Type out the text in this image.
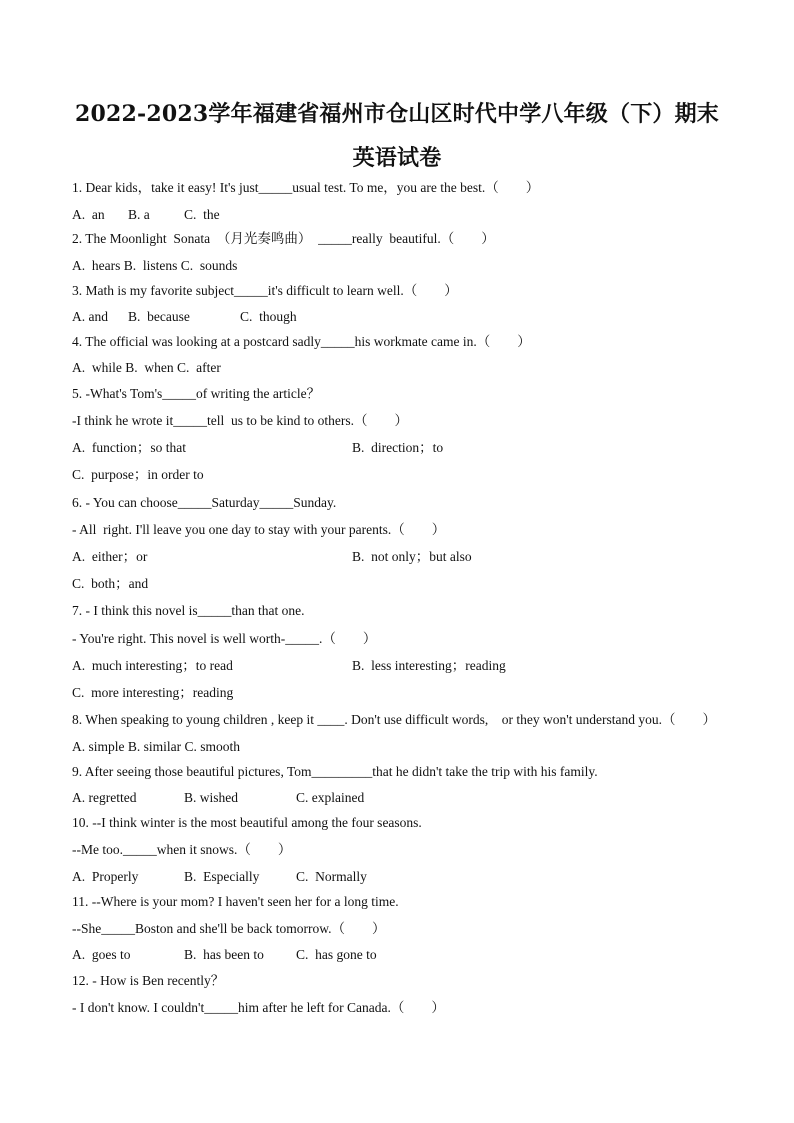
2022-2023学年福建省福州市仓山区时代中学八年级（下）期末英语试卷
1. Dear kids，take it easy! It's just_____usual test. To me，you are the best.（　　）
A.  an B. a	C.  the
2. The Moonlight  Sonata  （月光奏鸣曲）  _____really  beautiful.（　　）
A.  hears B.  listens C.  sounds
3. Math is my favorite subject_____it's difficult to learn well.（　　）
A. and B.  because	C.  though
4. The official was looking at a postcard sadly_____his workmate came in.（　　）
A.  while B.  when C.  after
5. -What's Tom's_____of writing the article？
-I think he wrote it_____tell  us to be kind to others.（　　）
A.  function；so that	B.  direction；to
C.  purpose；in order to
6. - You can choose_____Saturday_____Sunday.
- All  right. I'll leave you one day to stay with your parents.（　　）
A.  either；or	B.  not only；but also
C.  both；and
7. - I think this novel is_____than that one.
- You're right. This novel is well worth-_____.（　　）
A.  much interesting；to read	B.  less interesting；reading
C.  more interesting；reading
8. When speaking to young children , keep it ____. Don't use difficult words,    or they won't understand you.（　　）
A. simple B. similar C. smooth
9. After seeing those beautiful pictures, Tom_________that he didn't take the trip with his family.
A. regretted	B. wished	C. explained
10. --I think winter is the most beautiful among the four seasons.
--Me too._____when it snows.（　　）
A.  Properly	B.  Especially	C.  Normally
11. --Where is your mom? I haven't seen her for a long time.
--She_____Boston and she'll be back tomorrow.（　　）
A.  goes to	B.  has been to C.  has gone to
12. - How is Ben recently？
- I don't know. I couldn't_____him after he left for Canada.（　　）
